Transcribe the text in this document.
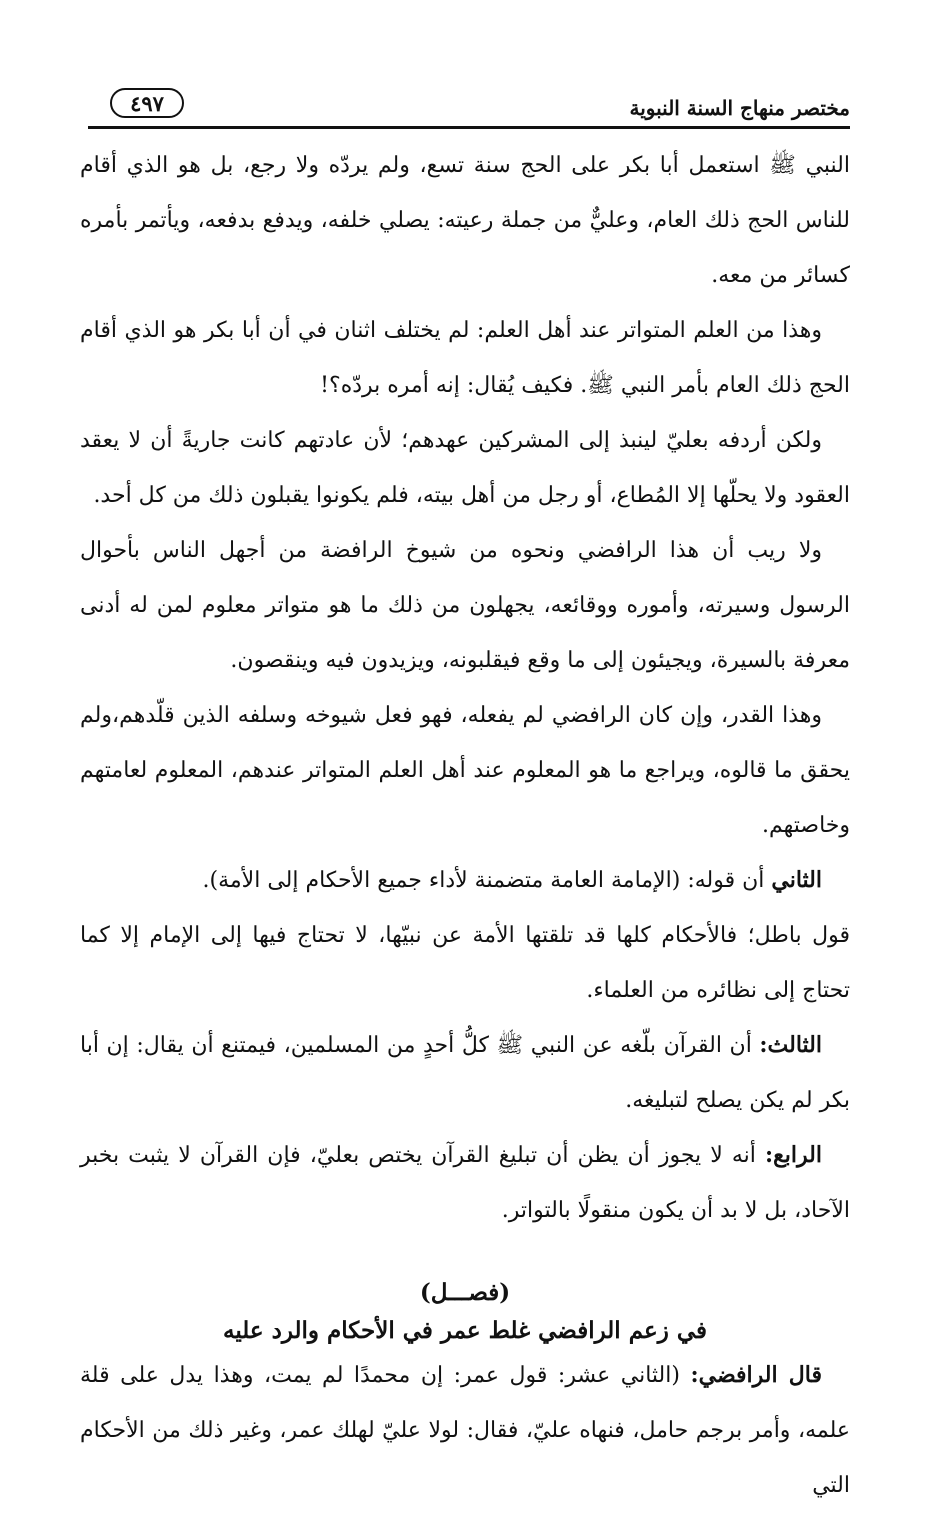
مختصر منهاج السنة النبوية
٤٩٧

النبي ﷺ استعمل أبا بكر على الحج سنة تسع، ولم يردّه ولا رجع، بل هو الذي أقام للناس الحج ذلك العام، وعليٌّ من جملة رعيته: يصلي خلفه، ويدفع بدفعه، ويأتمر بأمره كسائر من معه.

وهذا من العلم المتواتر عند أهل العلم: لم يختلف اثنان في أن أبا بكر هو الذي أقام الحج ذلك العام بأمر النبي ﷺ. فكيف يُقال: إنه أمره بردّه؟!

ولكن أردفه بعليّ لينبذ إلى المشركين عهدهم؛ لأن عادتهم كانت جاريةً أن لا يعقد العقود ولا يحلّها إلا المُطاع، أو رجل من أهل بيته، فلم يكونوا يقبلون ذلك من كل أحد.

ولا ريب أن هذا الرافضي ونحوه من شيوخ الرافضة من أجهل الناس بأحوال الرسول وسيرته، وأموره ووقائعه، يجهلون من ذلك ما هو متواتر معلوم لمن له أدنى معرفة بالسيرة، ويجيئون إلى ما وقع فيقلبونه، ويزيدون فيه وينقصون.

وهذا القدر، وإن كان الرافضي لم يفعله، فهو فعل شيوخه وسلفه الذين قلّدهم،ولم يحقق ما قالوه، ويراجع ما هو المعلوم عند أهل العلم المتواتر عندهم، المعلوم لعامتهم وخاصتهم.

الثاني أن قوله: (الإمامة العامة متضمنة لأداء جميع الأحكام إلى الأمة).

قول باطل؛ فالأحكام كلها قد تلقتها الأمة عن نبيّها، لا تحتاج فيها إلى الإمام إلا كما تحتاج إلى نظائره من العلماء.

الثالث: أن القرآن بلّغه عن النبي ﷺ كلُّ أحدٍ من المسلمين، فيمتنع أن يقال: إن أبا بكر لم يكن يصلح لتبليغه.

الرابع: أنه لا يجوز أن يظن أن تبليغ القرآن يختص بعليّ، فإن القرآن لا يثبت بخبر الآحاد، بل لا بد أن يكون منقولًا بالتواتر.

(فصـــل)
في زعم الرافضي غلط عمر في الأحكام والرد عليه

قال الرافضي: (الثاني عشر: قول عمر: إن محمدًا لم يمت، وهذا يدل على قلة علمه، وأمر برجم حامل، فنهاه عليّ، فقال: لولا عليّ لهلك عمر، وغير ذلك من الأحكام التي
